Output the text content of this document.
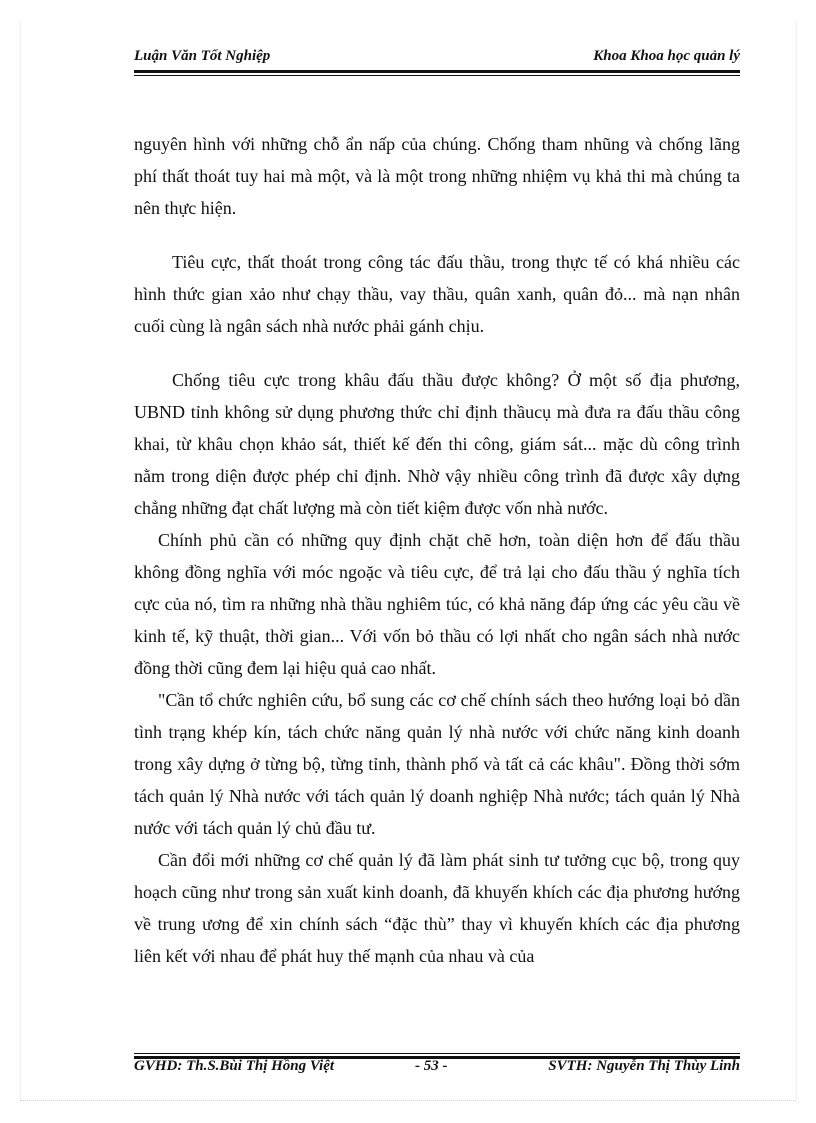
Luận Văn Tốt Nghiệp	Khoa Khoa học quản lý

nguyên hình với những chỗ ẩn nấp của chúng. Chống tham nhũng và chống lãng phí thất thoát tuy hai mà một, và là một trong những nhiệm vụ khả thi mà chúng ta nên thực hiện.

Tiêu cực, thất thoát trong công tác đấu thầu, trong thực tế có khá nhiều các hình thức gian xảo như chạy thầu, vay thầu, quân xanh, quân đỏ... mà nạn nhân cuối cùng là ngân sách nhà nước phải gánh chịu.

Chống tiêu cực trong khâu đấu thầu được không? Ở một số địa phương, UBND tỉnh không sử dụng phương thức chỉ định thầucụ mà đưa ra đấu thầu công khai, từ khâu chọn khảo sát, thiết kế đến thi công, giám sát... mặc dù công trình nằm trong diện được phép chỉ định. Nhờ vậy nhiều công trình đã được xây dựng chẳng những đạt chất lượng mà còn tiết kiệm được vốn nhà nước.

Chính phủ cần có những quy định chặt chẽ hơn, toàn diện hơn để đấu thầu không đồng nghĩa với móc ngoặc và tiêu cực, để trả lại cho đấu thầu ý nghĩa tích cực của nó, tìm ra những nhà thầu nghiêm túc, có khả năng đáp ứng các yêu cầu về kinh tế, kỹ thuật, thời gian... Với vốn bỏ thầu có lợi nhất cho ngân sách nhà nước đồng thời cũng đem lại hiệu quả cao nhất.

"Cần tổ chức nghiên cứu, bổ sung các cơ chế chính sách theo hướng loại bỏ dần tình trạng khép kín, tách chức năng quản lý nhà nước với chức năng kinh doanh trong xây dựng ở từng bộ, từng tỉnh, thành phố và tất cả các khâu". Đồng thời sớm tách quản lý Nhà nước với tách quản lý doanh nghiệp Nhà nước; tách quản lý Nhà nước với tách quản lý chủ đầu tư.

Cần đổi mới những cơ chế quản lý đã làm phát sinh tư tưởng cục bộ, trong quy hoạch cũng như trong sản xuất kinh doanh, đã khuyến khích các địa phương hướng về trung ương để xin chính sách “đặc thù” thay vì khuyến khích các địa phương liên kết với nhau để phát huy thế mạnh của nhau và của

GVHD: Th.S.Bùi Thị Hồng Việt	- 53 -	SVTH: Nguyễn Thị Thùy Linh
